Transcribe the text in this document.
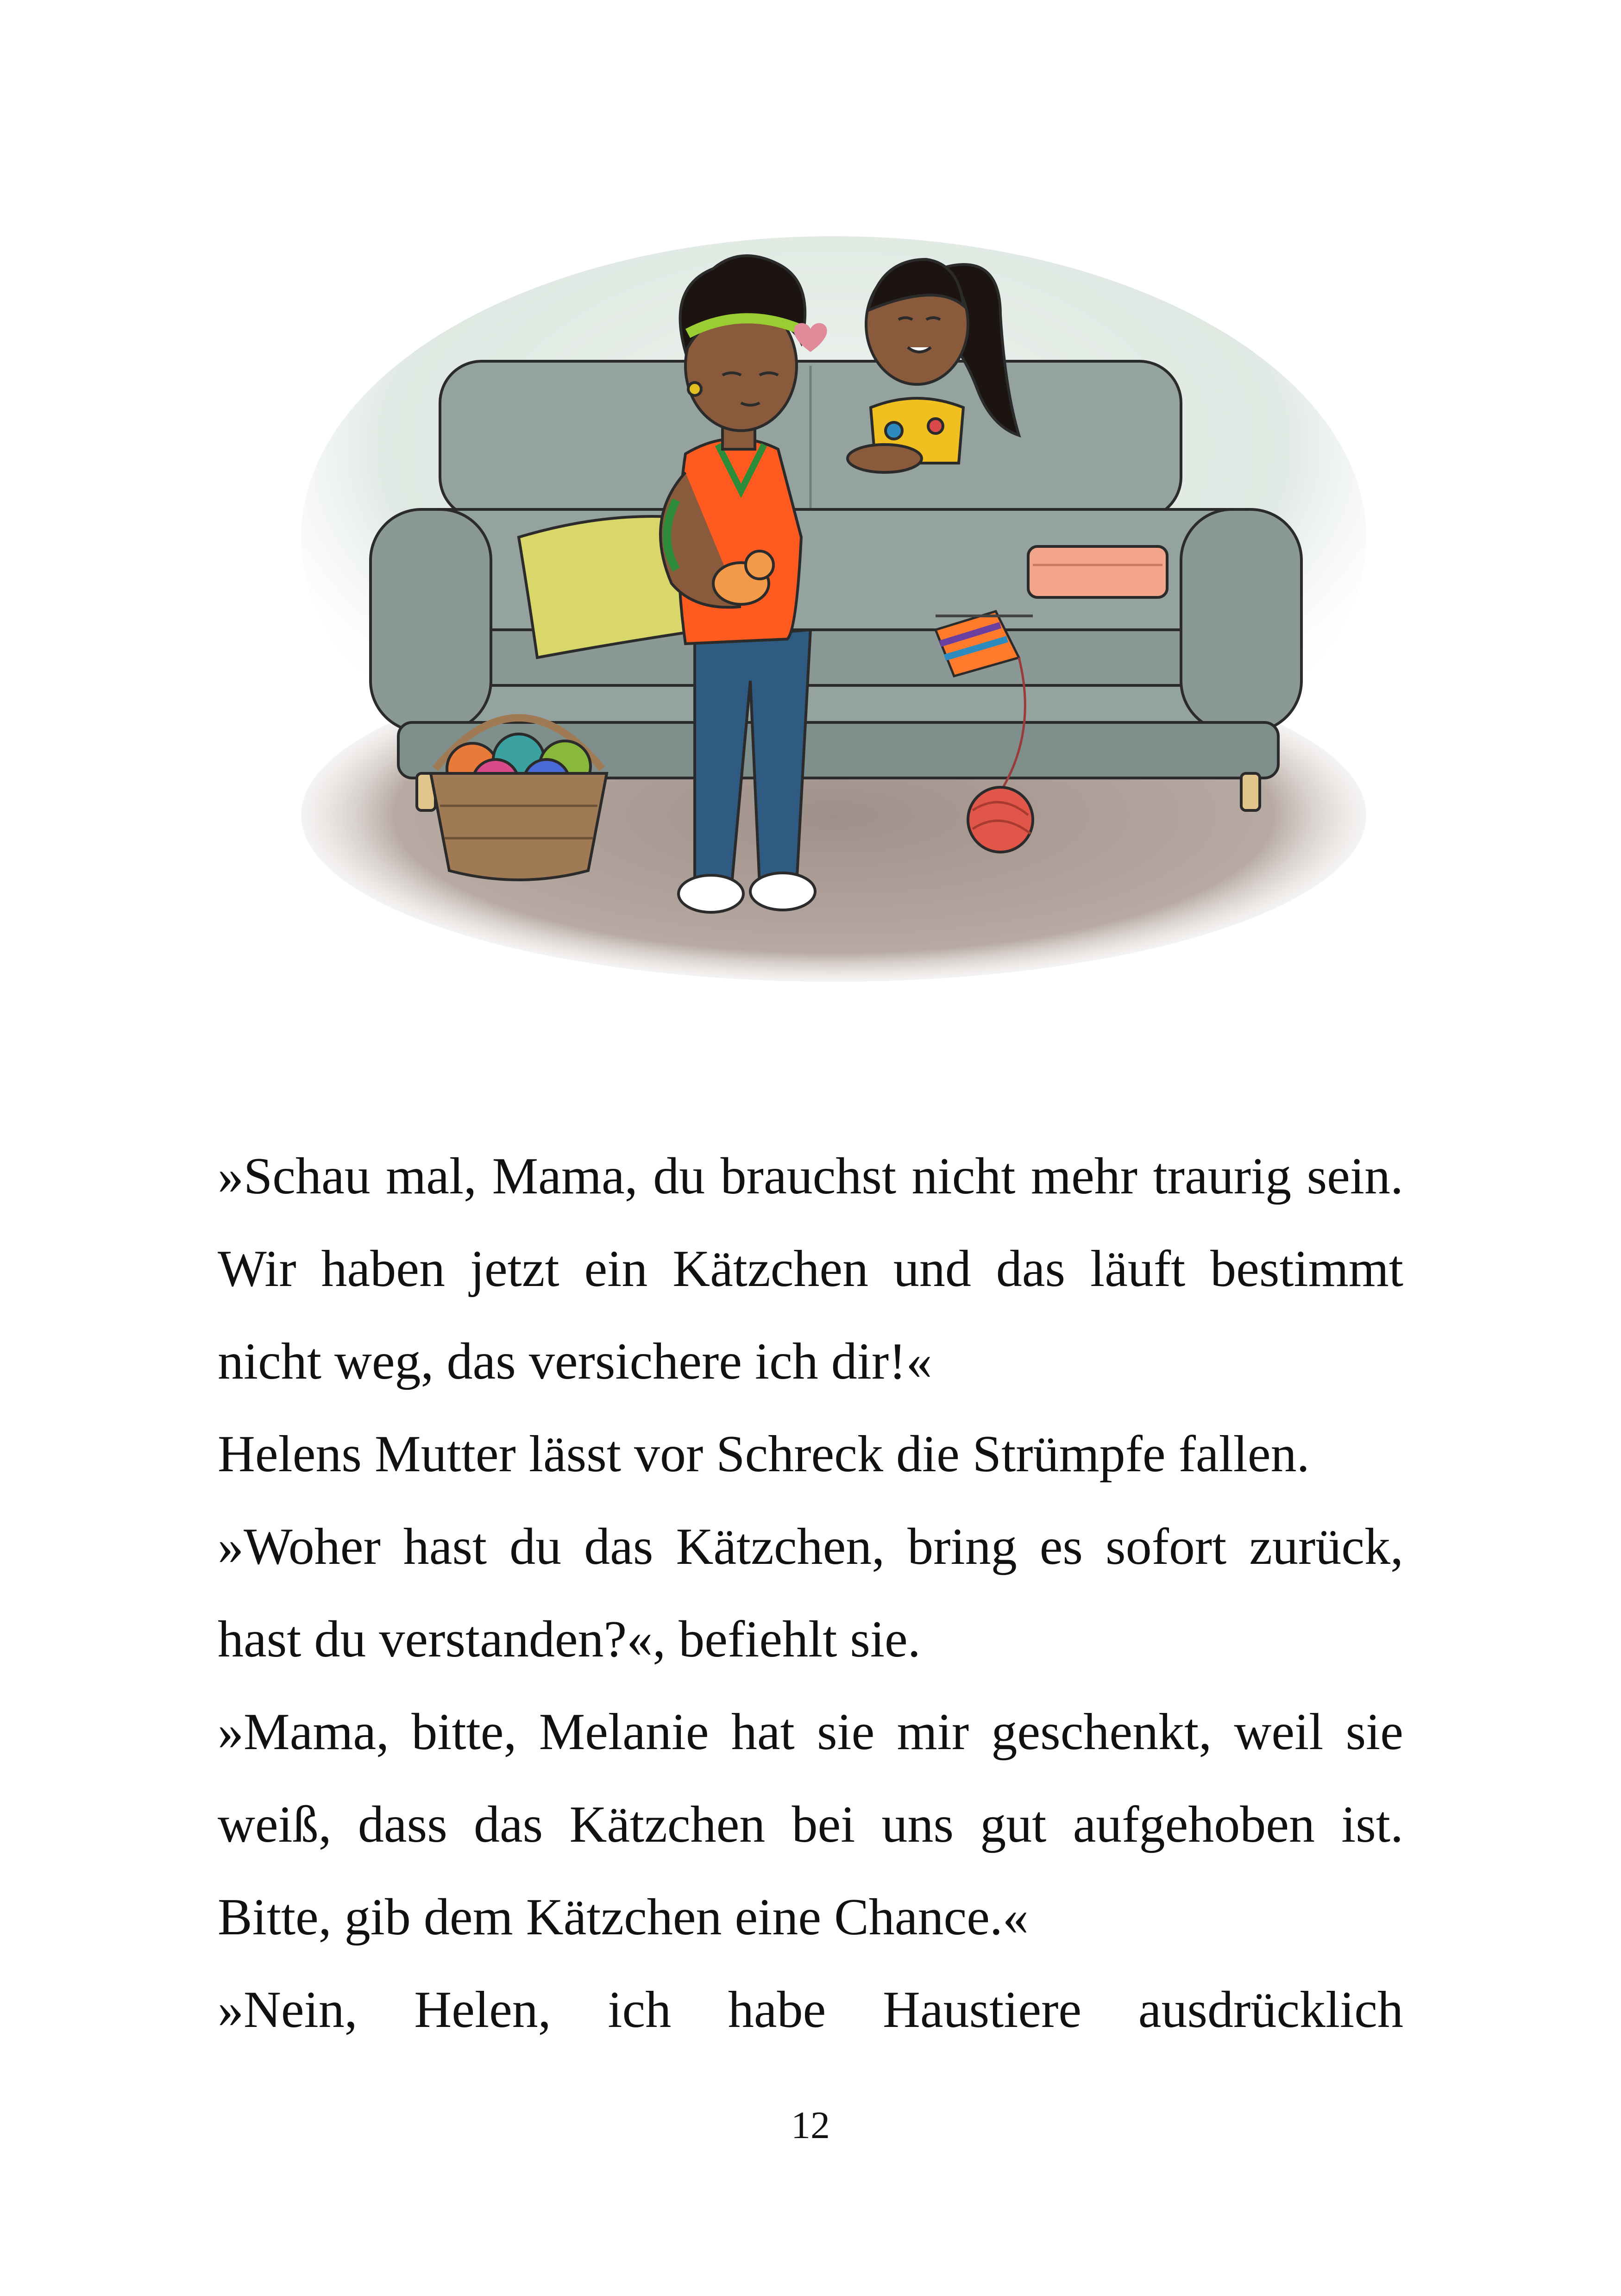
»Schau mal, Mama, du brauchst nicht mehr traurig sein. Wir haben jetzt ein Kätzchen und das läuft bestimmt nicht weg, das versichere ich dir!«

Helens Mutter lässt vor Schreck die Strümpfe fallen.

»Woher hast du das Kätzchen, bring es sofort zurück, hast du verstanden?«, befiehlt sie.

»Mama, bitte, Melanie hat sie mir geschenkt, weil sie weiß, dass das Kätzchen bei uns gut aufgehoben ist. Bitte, gib dem Kätzchen eine Chance.«

»Nein, Helen, ich habe Haustiere ausdrücklich

12
